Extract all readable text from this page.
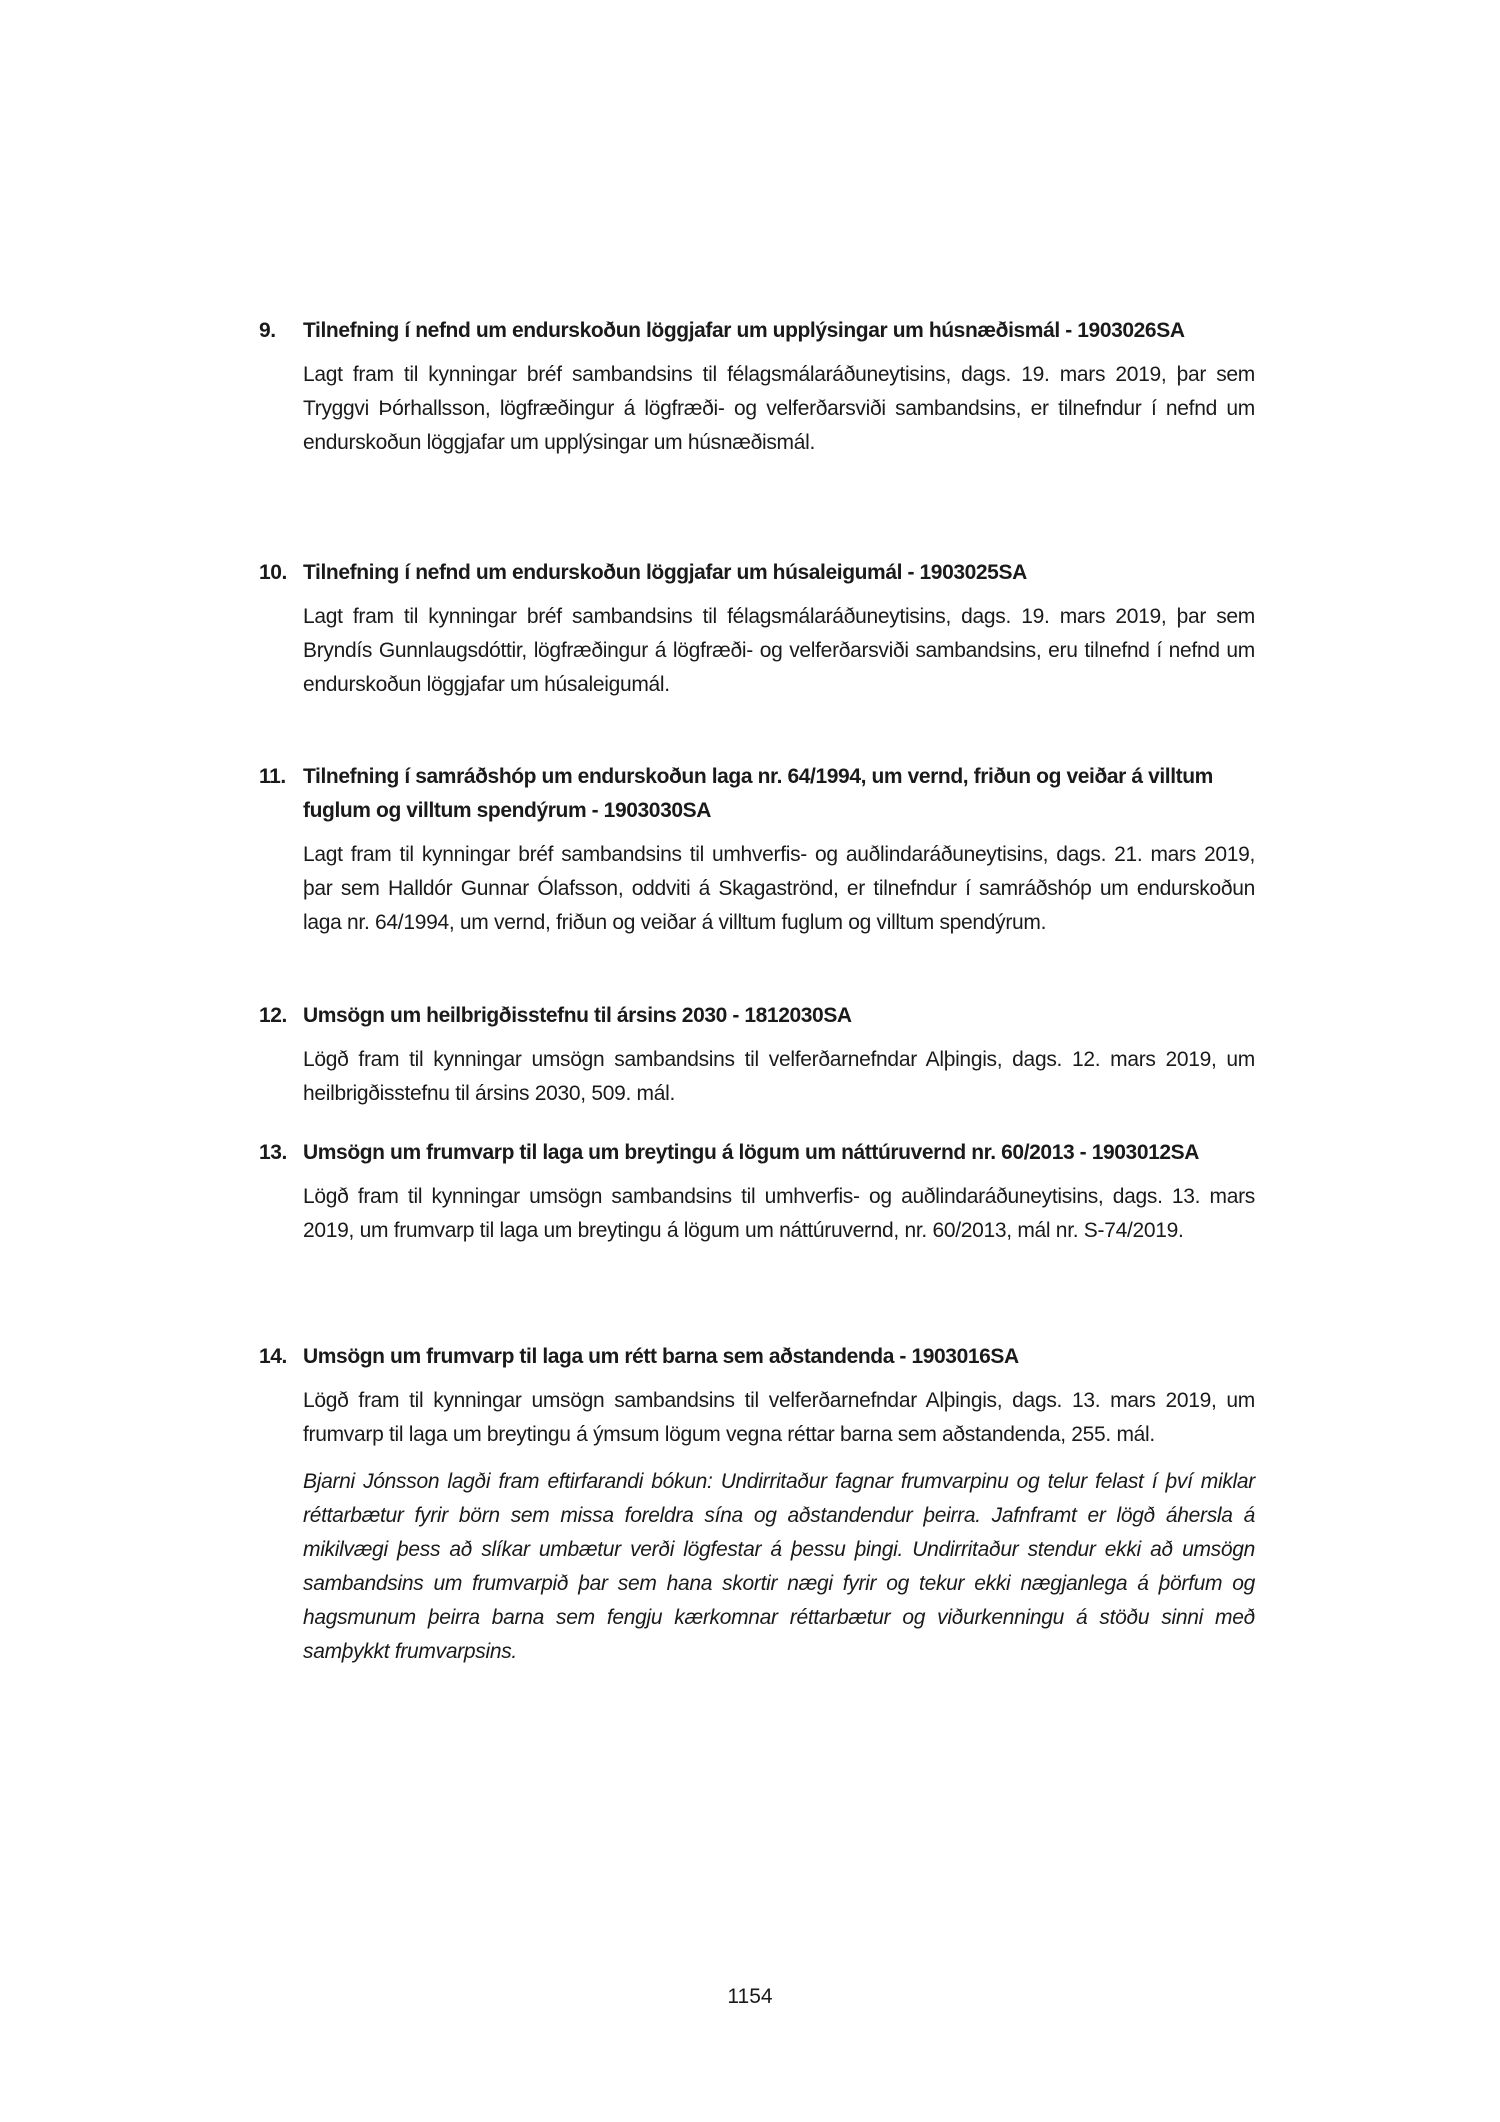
9. Tilnefning í nefnd um endurskoðun löggjafar um upplýsingar um húsnæðismál - 1903026SA
Lagt fram til kynningar bréf sambandsins til félagsmálaráðuneytisins, dags. 19. mars 2019, þar sem Tryggvi Þórhallsson, lögfræðingur á lögfræði- og velferðarsviði sambandsins, er tilnefndur í nefnd um endurskoðun löggjafar um upplýsingar um húsnæðismál.
10. Tilnefning í nefnd um endurskoðun löggjafar um húsaleigumál - 1903025SA
Lagt fram til kynningar bréf sambandsins til félagsmálaráðuneytisins, dags. 19. mars 2019, þar sem Bryndís Gunnlaugsdóttir, lögfræðingur á lögfræði- og velferðarsviði sambandsins, eru tilnefnd í nefnd um endurskoðun löggjafar um húsaleigumál.
11. Tilnefning í samráðshóp um endurskoðun laga nr. 64/1994, um vernd, friðun og veiðar á villtum fuglum og villtum spendýrum - 1903030SA
Lagt fram til kynningar bréf sambandsins til umhverfis- og auðlindaráðuneytisins, dags. 21. mars 2019, þar sem Halldór Gunnar Ólafsson, oddviti á Skagaströnd, er tilnefndur í samráðshóp um endurskoðun laga nr. 64/1994, um vernd, friðun og veiðar á villtum fuglum og villtum spendýrum.
12. Umsögn um heilbrigðisstefnu til ársins 2030 - 1812030SA
Lögð fram til kynningar umsögn sambandsins til velferðarnefndar Alþingis, dags. 12. mars 2019, um heilbrigðisstefnu til ársins 2030, 509. mál.
13. Umsögn um frumvarp til laga um breytingu á lögum um náttúruvernd nr. 60/2013 - 1903012SA
Lögð fram til kynningar umsögn sambandsins til umhverfis- og auðlindaráðuneytisins, dags. 13. mars 2019, um frumvarp til laga um breytingu á lögum um náttúruvernd, nr. 60/2013, mál nr. S-74/2019.
14. Umsögn um frumvarp til laga um rétt barna sem aðstandenda - 1903016SA
Lögð fram til kynningar umsögn sambandsins til velferðarnefndar Alþingis, dags. 13. mars 2019, um frumvarp til laga um breytingu á ýmsum lögum vegna réttar barna sem aðstandenda, 255. mál.
Bjarni Jónsson lagði fram eftirfarandi bókun: Undirritaður fagnar frumvarpinu og telur felast í því miklar réttarbætur fyrir börn sem missa foreldra sína og aðstandendur þeirra. Jafnframt er lögð áhersla á mikilvægi þess að slíkar umbætur verði lögfestar á þessu þingi. Undirritaður stendur ekki að umsögn sambandsins um frumvarpið þar sem hana skortir nægi fyrir og tekur ekki nægjanlega á þörfum og hagsmunum þeirra barna sem fengju kærkomnar réttarbætur og viðurkenningu á stöðu sinni með samþykkt frumvarpsins.
1154
